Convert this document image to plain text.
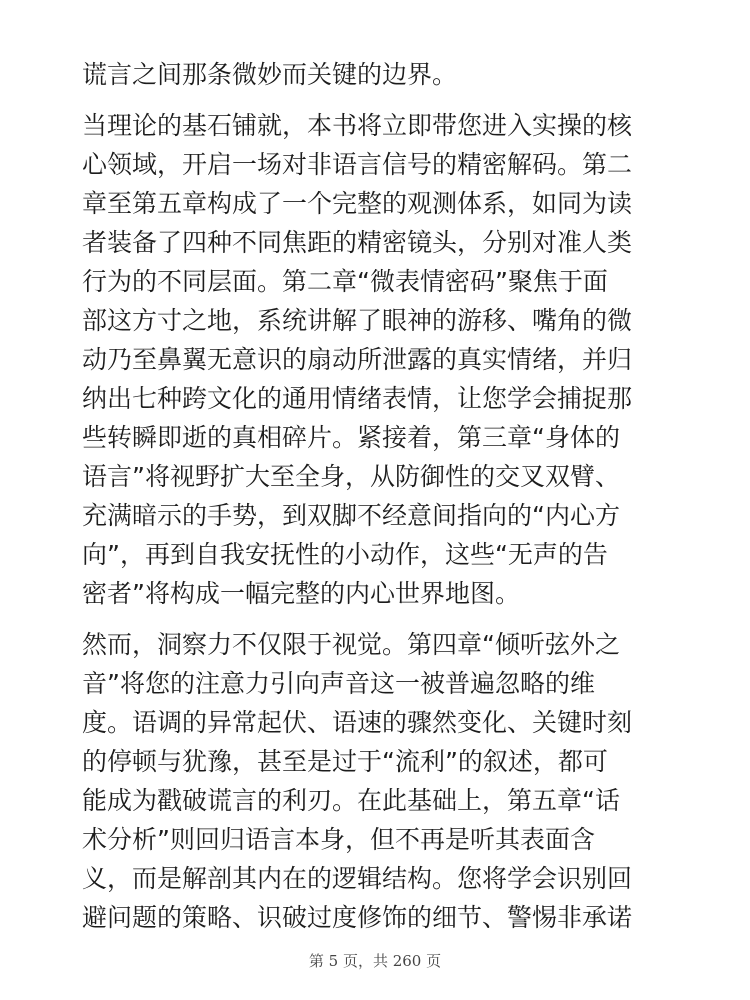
谎言之间那条微妙而关键的边界。
当理论的基石铺就，本书将立即带您进入实操的核
心领域，开启一场对非语言信号的精密解码。第二
章至第五章构成了一个完整的观测体系，如同为读
者装备了四种不同焦距的精密镜头，分别对准人类
行为的不同层面。第二章“微表情密码”聚焦于面
部这方寸之地，系统讲解了眼神的游移、嘴角的微
动乃至鼻翼无意识的扇动所泄露的真实情绪，并归
纳出七种跨文化的通用情绪表情，让您学会捕捉那
些转瞬即逝的真相碎片。紧接着，第三章“身体的
语言”将视野扩大至全身，从防御性的交叉双臂、
充满暗示的手势，到双脚不经意间指向的“内心方
向”，再到自我安抚性的小动作，这些“无声的告
密者”将构成一幅完整的内心世界地图。
然而，洞察力不仅限于视觉。第四章“倾听弦外之
音”将您的注意力引向声音这一被普遍忽略的维
度。语调的异常起伏、语速的骤然变化、关键时刻
的停顿与犹豫，甚至是过于“流利”的叙述，都可
能成为戳破谎言的利刃。在此基础上，第五章“话
术分析”则回归语言本身，但不再是听其表面含
义，而是解剖其内在的逻辑结构。您将学会识别回
避问题的策略、识破过度修饰的细节、警惕非承诺
第 5 页，共 260 页
